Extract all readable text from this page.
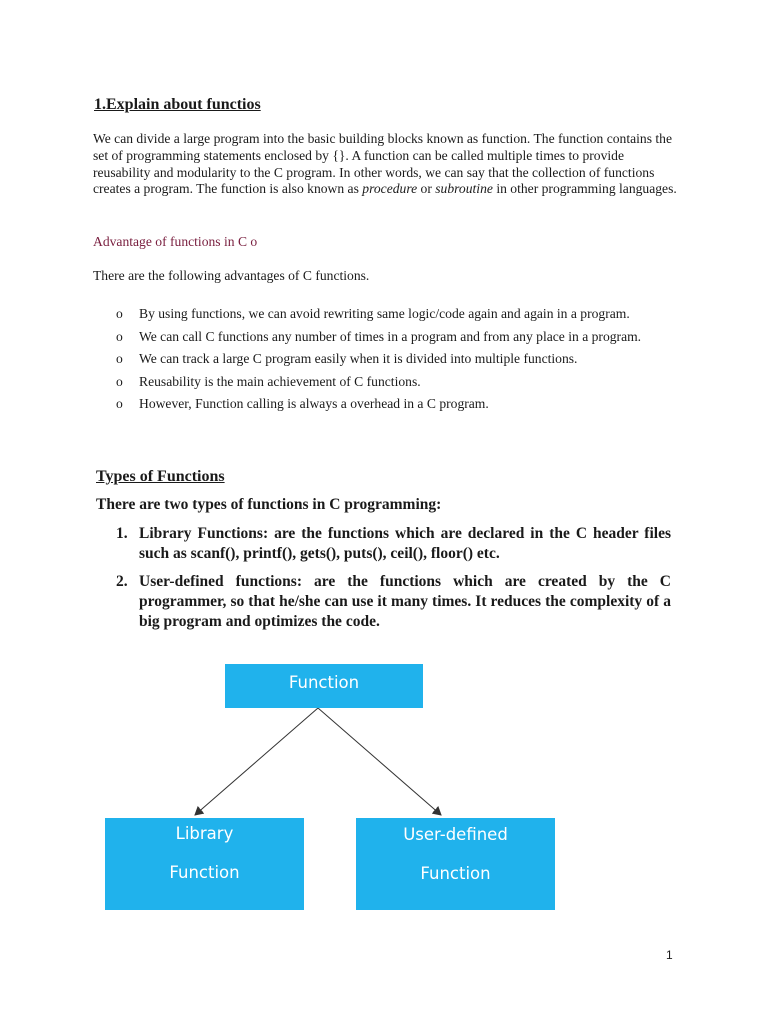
1.Explain about functios
We can divide a large program into the basic building blocks known as function. The function contains the set of programming statements enclosed by {}. A function can be called multiple times to provide reusability and modularity to the C program. In other words, we can say that the collection of functions creates a program. The function is also known as procedure or subroutine in other programming languages.
Advantage of functions in C o
There are the following advantages of C functions.
o By using functions, we can avoid rewriting same logic/code again and again in a program.
o We can call C functions any number of times in a program and from any place in a program.
o We can track a large C program easily when it is divided into multiple functions.
o Reusability is the main achievement of C functions.
o However, Function calling is always a overhead in a C program.
Types of Functions
There are two types of functions in C programming:
1. Library Functions: are the functions which are declared in the C header files such as scanf(), printf(), gets(), puts(), ceil(), floor() etc.
2. User-defined functions: are the functions which are created by the C programmer, so that he/she can use it many times. It reduces the complexity of a big program and optimizes the code.
Function
Library
Function
User-defined
Function
1
